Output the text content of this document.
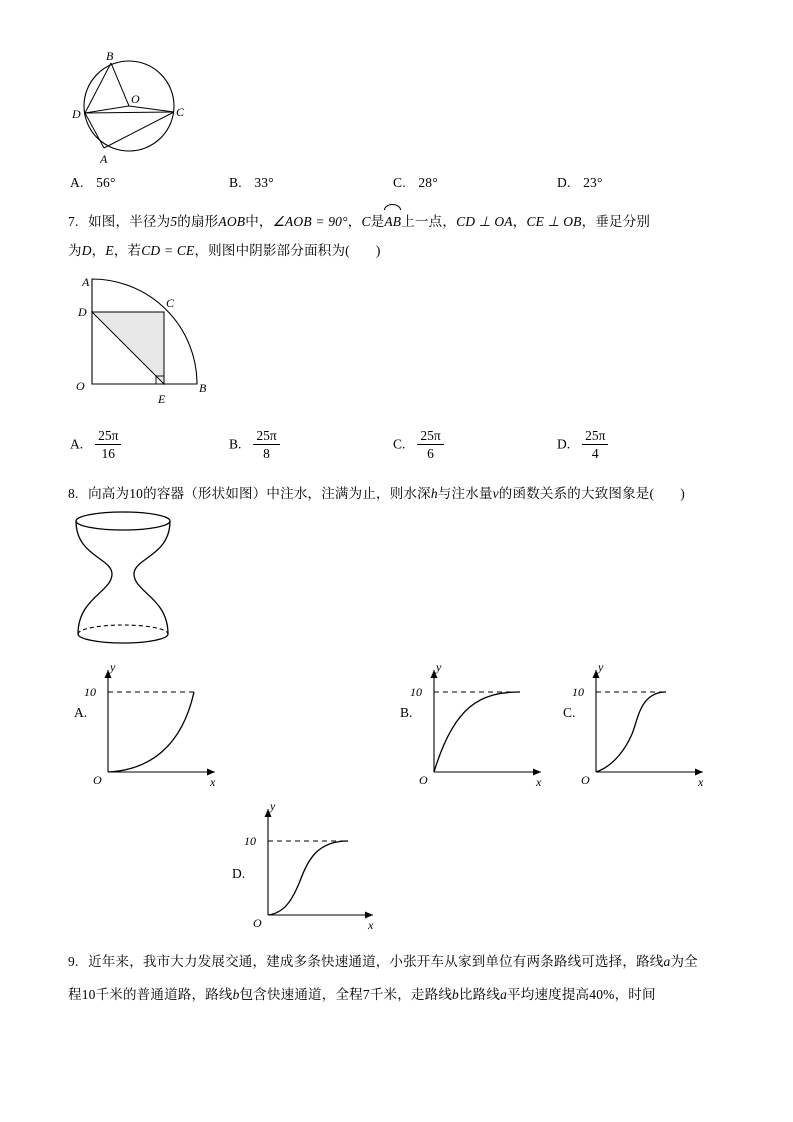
B
O
D	C
A
A. 56°	B. 33°	C. 28°	D. 23°
7. 如图，半径为5的扇形AOB中，∠AOB = 90°，C是AB上一点，CD ⊥ OA，CE ⊥ OB，垂足分别
为D，E，若CD = CE，则图中阴影部分面积为( )
A
D
C
O
E
B
A. $\frac{25\pi}{16}$	B. $\frac{25\pi}{8}$	C. $\frac{25\pi}{6}$	D. $\frac{25\pi}{4}$
8. 向高为10的容器（形状如图）中注水，注满为止，则水深h与注水量v的函数关系的大致图象是( )
A.
y
x
O
10
B.
y
x
O
10
C.
y
x
O
10
D.
y
x
O
10
9. 近年来，我市大力发展交通，建成多条快速通道，小张开车从家到单位有两条路线可选择，路线a为全
程10千米的普通道路，路线b包含快速通道，全程7千米，走路线b比路线a平均速度提高40%，时间
